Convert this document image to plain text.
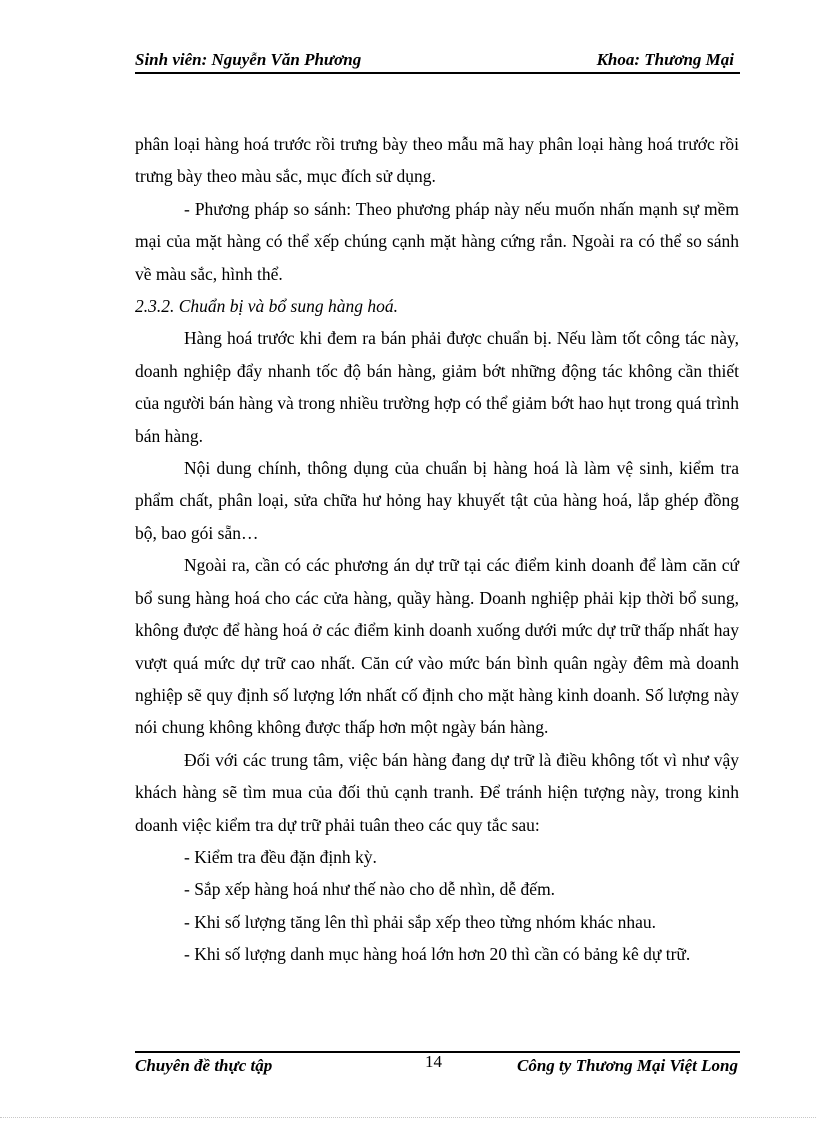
Sinh viên: Nguyễn Văn Phương	Khoa: Thương Mại

phân loại hàng hoá trước rồi trưng bày theo mẫu mã hay phân loại hàng hoá trước rồi trưng bày theo màu sắc, mục đích sử dụng.

- Phương pháp so sánh: Theo phương pháp này nếu muốn nhấn mạnh sự mềm mại của mặt hàng có thể xếp chúng cạnh mặt hàng cứng rắn. Ngoài ra có thể so sánh về màu sắc, hình thể.

2.3.2. Chuẩn bị và bổ sung hàng hoá.

Hàng hoá trước khi đem ra bán phải được chuẩn bị. Nếu làm tốt công tác này, doanh nghiệp đẩy nhanh tốc độ bán hàng, giảm bớt những động tác không cần thiết của người bán hàng và trong nhiều trường hợp có thể giảm bớt hao hụt trong quá trình bán hàng.

Nội dung chính, thông dụng của chuẩn bị hàng hoá là làm vệ sinh, kiểm tra phẩm chất, phân loại, sửa chữa hư hỏng hay khuyết tật của hàng hoá, lắp ghép đồng bộ, bao gói sẵn…

Ngoài ra, cần có các phương án dự trữ tại các điểm kinh doanh để làm căn cứ bổ sung hàng hoá cho các cửa hàng, quầy hàng. Doanh nghiệp phải kịp thời bổ sung, không được để hàng hoá ở các điểm kinh doanh xuống dưới mức dự trữ thấp nhất hay vượt quá mức dự trữ cao nhất. Căn cứ vào mức bán bình quân ngày đêm mà doanh nghiệp sẽ quy định số lượng lớn nhất cố định cho mặt hàng kinh doanh. Số lượng này nói chung không không được thấp hơn một ngày bán hàng.

Đối với các trung tâm, việc bán hàng đang dự trữ là điều không tốt vì như vậy khách hàng sẽ tìm mua của đối thủ cạnh tranh. Để tránh hiện tượng này, trong kinh doanh việc kiểm tra dự trữ phải tuân theo các quy tắc sau:

- Kiểm tra đều đặn định kỳ.

- Sắp xếp hàng hoá như thế nào cho dễ nhìn, dễ đếm.

- Khi số lượng tăng lên thì phải sắp xếp theo từng nhóm khác nhau.

- Khi số lượng danh mục hàng hoá lớn hơn 20 thì cần có bảng kê dự trữ.

Chuyên đề thực tập	14	Công ty Thương Mại Việt Long
